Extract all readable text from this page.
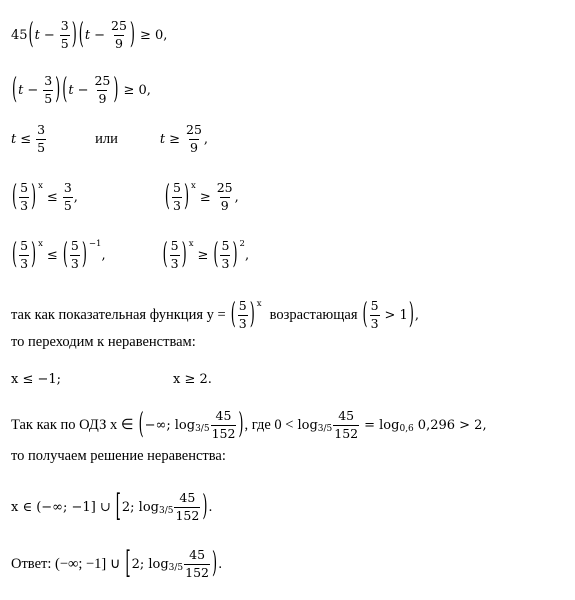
45 ( $t - \frac{3}{5}$ ) ( $t - \frac{25}{9}$ ) ≥ 0,
( $t - \frac{3}{5}$ ) ( $t - \frac{25}{9}$ ) ≥ 0,
$t \le \frac{3}{5}$	или	$t \ge \frac{25}{9}$ ,
( $\frac{5}{3} )^x$
≤ $\frac{3}{5}$ ,	( $\frac{5}{3} )^x$
≥ $\frac{25}{9}$ ,
( $\frac{5}{3} )^x$
≤ ( $\frac{5}{3} )^{-1}$
,	( $\frac{5}{3} )^x$
≥ ( $\frac{5}{3} )^2$
,
так как показательная функция y = ( $\frac{5}{3} )^x$
возрастающая ( $\frac{5}{3} > 1$ ) ,
то переходим к неравенствам:
x ≤ −1;	x ≥ 2.
Так как по ОДЗ x ∈ ( −∞; $\log_{3/5} \frac{45}{152}$ ) , где $0 < \log_{3/5} \frac{45}{152} = \log_{0,6} 0,296 > 2$,
то получаем решение неравенства:
x ∈ (−∞; −1] ∪ [ 2; $\log_{3/5} \frac{45}{152}$ ) .
Ответ: (−∞; −1] ∪ [ 2; $\log_{3/5} \frac{45}{152}$ ) .
